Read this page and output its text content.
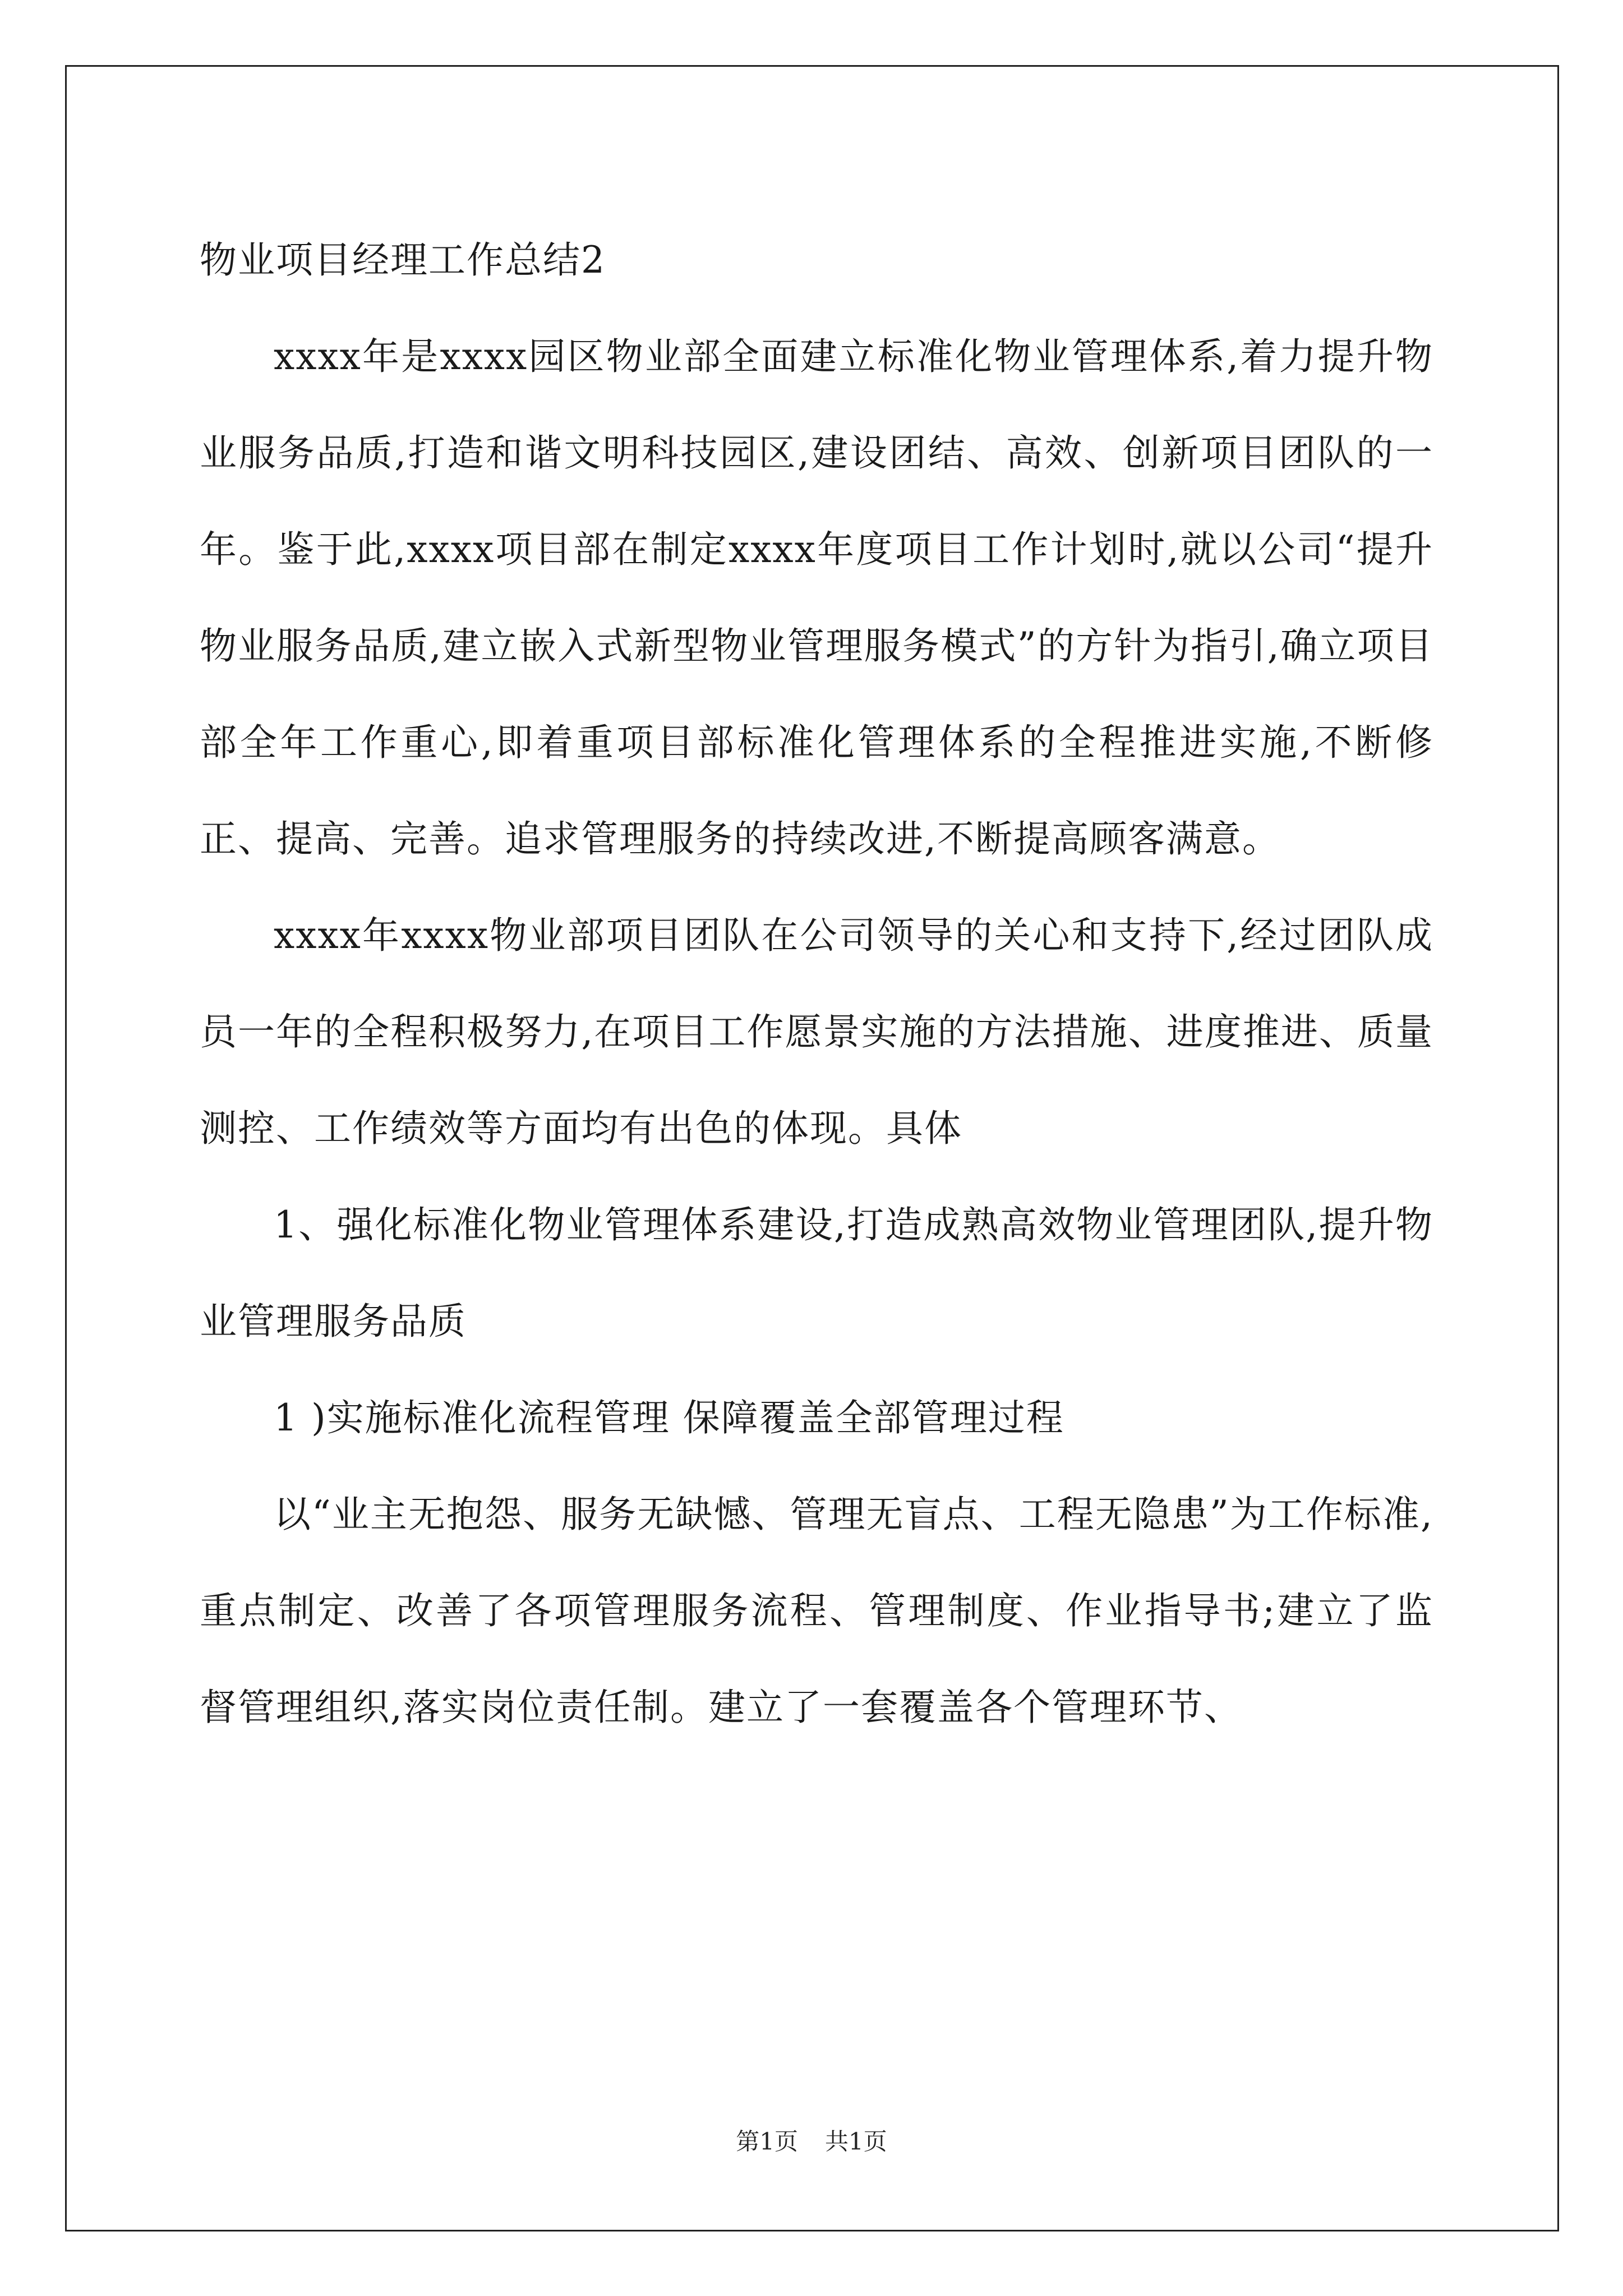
物业项目经理工作总结2

xxxx年是xxxx园区物业部全面建立标准化物业管理体系,着力提升物业服务品质,打造和谐文明科技园区,建设团结、高效、创新项目团队的一年。鉴于此,xxxx项目部在制定xxxx年度项目工作计划时,就以公司“提升物业服务品质,建立嵌入式新型物业管理服务模式”的方针为指引,确立项目部全年工作重心,即着重项目部标准化管理体系的全程推进实施,不断修正、提高、完善。追求管理服务的持续改进,不断提高顾客满意。

xxxx年xxxx物业部项目团队在公司领导的关心和支持下,经过团队成员一年的全程积极努力,在项目工作愿景实施的方法措施、进度推进、质量测控、工作绩效等方面均有出色的体现。具体

1、强化标准化物业管理体系建设,打造成熟高效物业管理团队,提升物业管理服务品质

1 )实施标准化流程管理 保障覆盖全部管理过程

以“业主无抱怨、服务无缺憾、管理无盲点、工程无隐患”为工作标准,重点制定、改善了各项管理服务流程、管理制度、作业指导书;建立了监督管理组织,落实岗位责任制。建立了一套覆盖各个管理环节、

第1页 共1页
